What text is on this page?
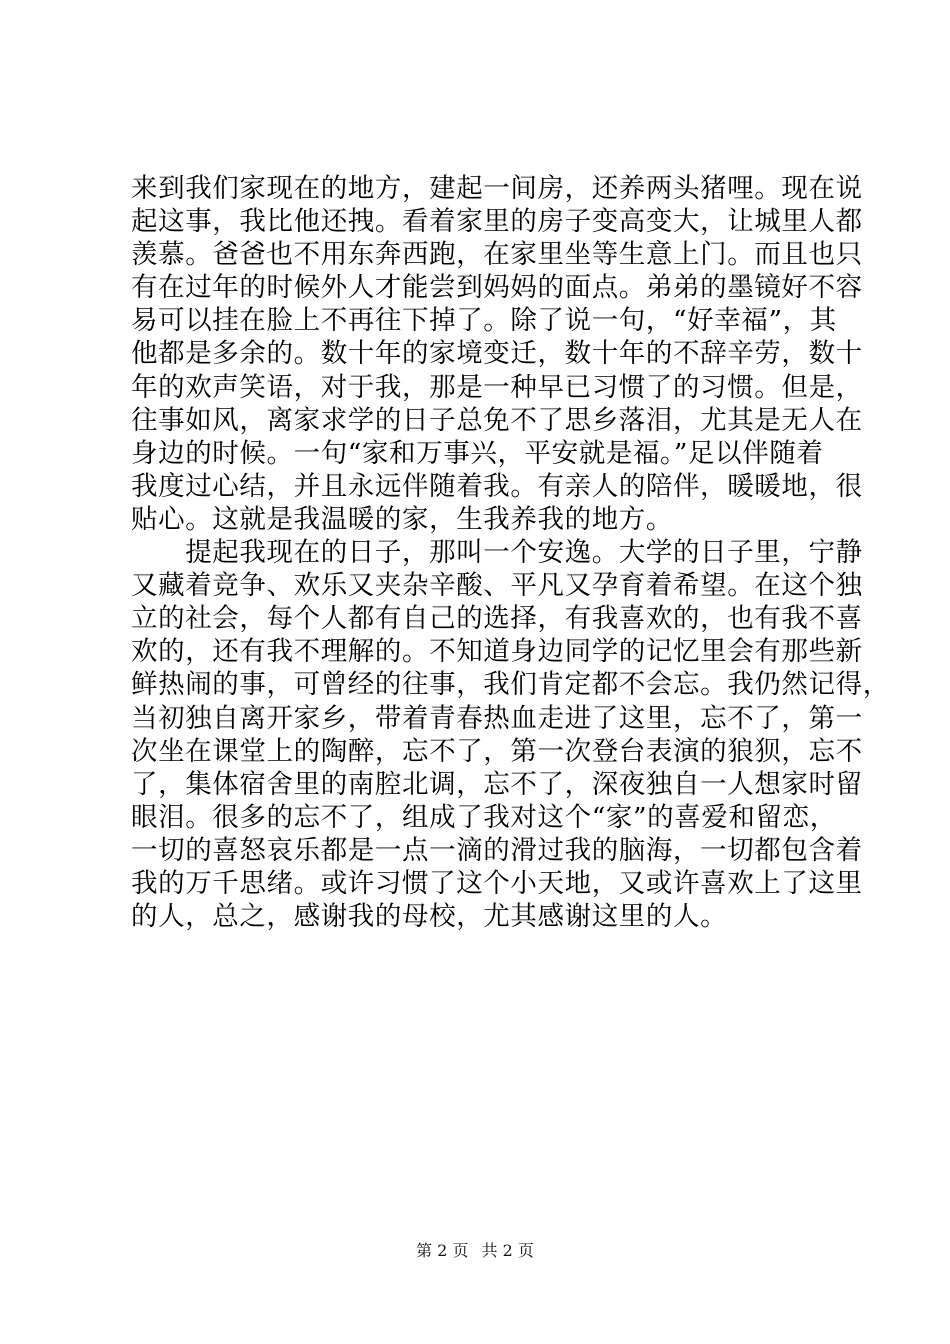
来到我们家现在的地方，建起一间房，还养两头猪哩。现在说
起这事，我比他还拽。看着家里的房子变高变大，让城里人都
羡慕。爸爸也不用东奔西跑，在家里坐等生意上门。而且也只
有在过年的时候外人才能尝到妈妈的面点。弟弟的墨镜好不容
易可以挂在脸上不再往下掉了。除了说一句，“好幸福”，其
他都是多余的。数十年的家境变迁，数十年的不辞辛劳，数十
年的欢声笑语，对于我，那是一种早已习惯了的习惯。但是，
往事如风，离家求学的日子总免不了思乡落泪，尤其是无人在
身边的时候。一句“家和万事兴，平安就是福。”足以伴随着
我度过心结，并且永远伴随着我。有亲人的陪伴，暖暖地，很
贴心。这就是我温暖的家，生我养我的地方。
　　提起我现在的日子，那叫一个安逸。大学的日子里，宁静
又藏着竞争、欢乐又夹杂辛酸、平凡又孕育着希望。在这个独
立的社会，每个人都有自己的选择，有我喜欢的，也有我不喜
欢的，还有我不理解的。不知道身边同学的记忆里会有那些新
鲜热闹的事，可曾经的往事，我们肯定都不会忘。我仍然记得，
当初独自离开家乡，带着青春热血走进了这里，忘不了，第一
次坐在课堂上的陶醉，忘不了，第一次登台表演的狼狈，忘不
了，集体宿舍里的南腔北调，忘不了，深夜独自一人想家时留
眼泪。很多的忘不了，组成了我对这个“家”的喜爱和留恋，
一切的喜怒哀乐都是一点一滴的滑过我的脑海，一切都包含着
我的万千思绪。或许习惯了这个小天地，又或许喜欢上了这里
的人，总之，感谢我的母校，尤其感谢这里的人。
第 2 页 共 2 页
